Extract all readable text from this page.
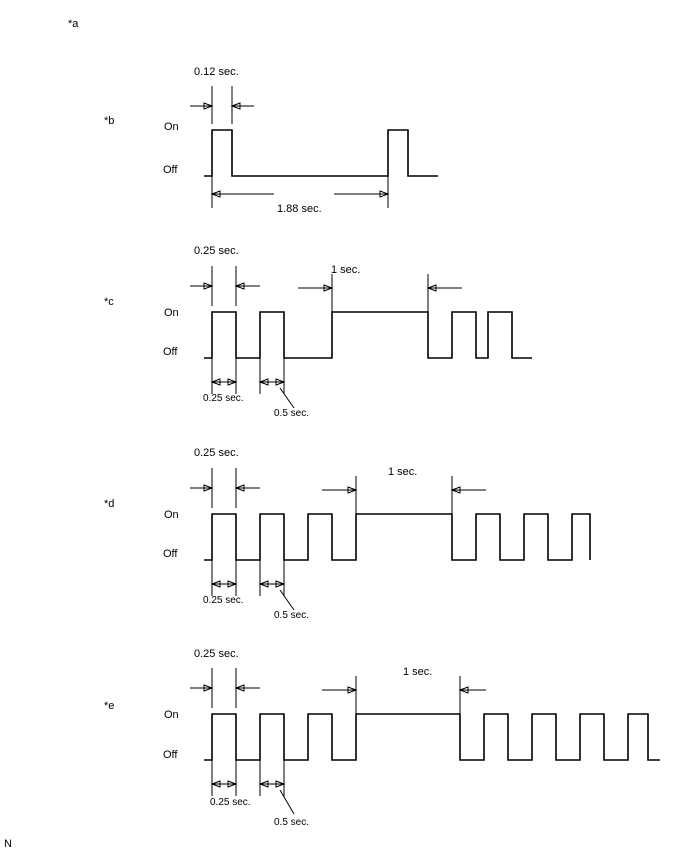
*a
N
0.12 sec.
*b	On
Off
1.88 sec.
0.25 sec.
1 sec.
*c
On
Off
0.25 sec.
0.5 sec.
0.25 sec.
1 sec.
*d
On
Off
0.25 sec.
0.5 sec.
0.25 sec.
1 sec.
*e
On
Off
0.25 sec.
0.5 sec.
